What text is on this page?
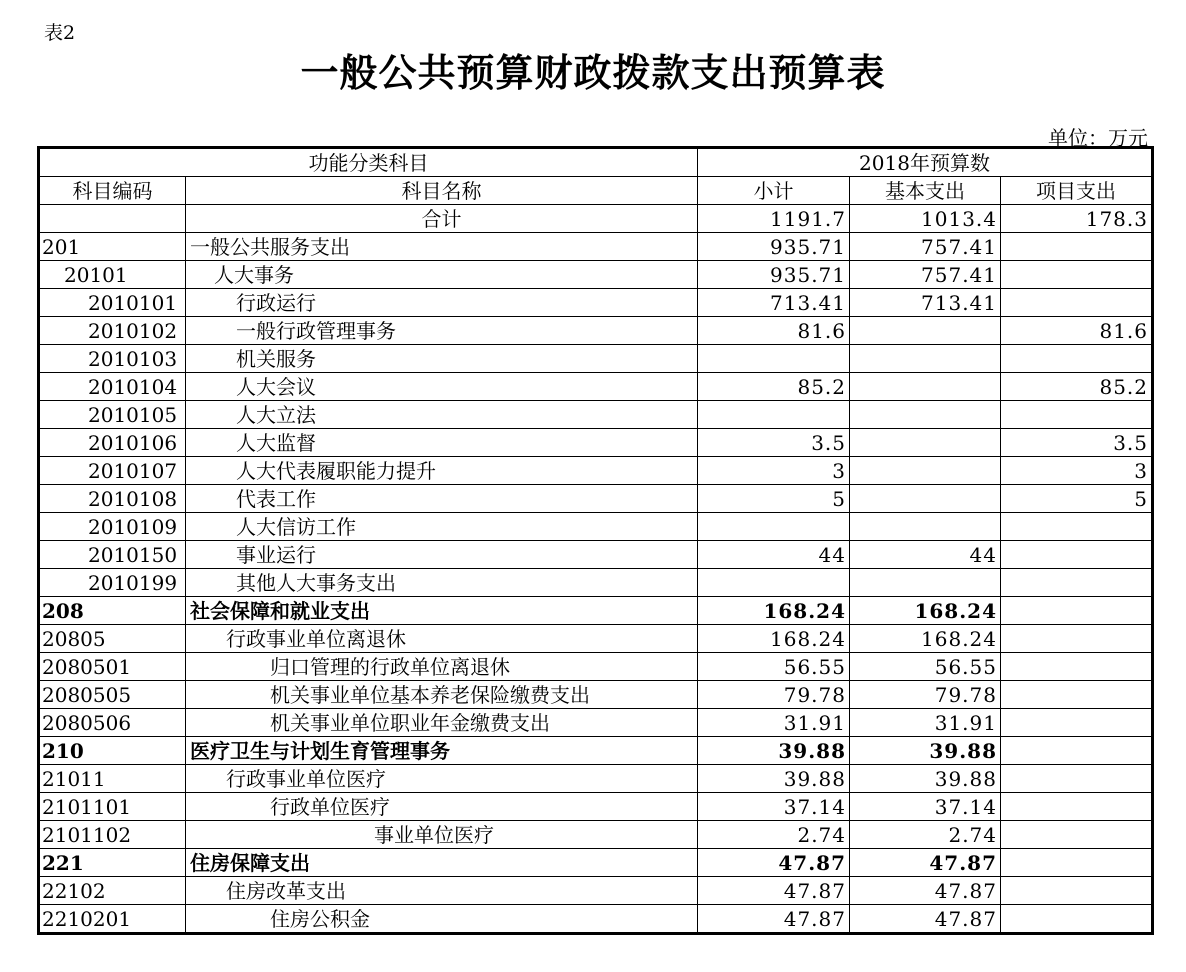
表2
一般公共预算财政拨款支出预算表
单位：万元
功能分类科目		2018年预算数		
科目编码	科目名称	小计	基本支出	项目支出
	合计	1191.7	1013.4	178.3
201	一般公共服务支出	935.71	757.41	
20101	人大事务	935.71	757.41	
2010101	行政运行	713.41	713.41	
2010102	一般行政管理事务	81.6		81.6
2010103	机关服务			
2010104	人大会议	85.2		85.2
2010105	人大立法			
2010106	人大监督	3.5		3.5
2010107	人大代表履职能力提升	3		3
2010108	代表工作	5		5
2010109	人大信访工作			
2010150	事业运行	44	44	
2010199	其他人大事务支出			
208	社会保障和就业支出	168.24	168.24	
20805	行政事业单位离退休	168.24	168.24	
2080501	归口管理的行政单位离退休	56.55	56.55	
2080505	机关事业单位基本养老保险缴费支出	79.78	79.78	
2080506	机关事业单位职业年金缴费支出	31.91	31.91	
210	医疗卫生与计划生育管理事务	39.88	39.88	
21011	行政事业单位医疗	39.88	39.88	
2101101	行政单位医疗	37.14	37.14	
2101102	事业单位医疗	2.74	2.74	
221	住房保障支出	47.87	47.87	
22102	住房改革支出	47.87	47.87	
2210201	住房公积金	47.87	47.87	
